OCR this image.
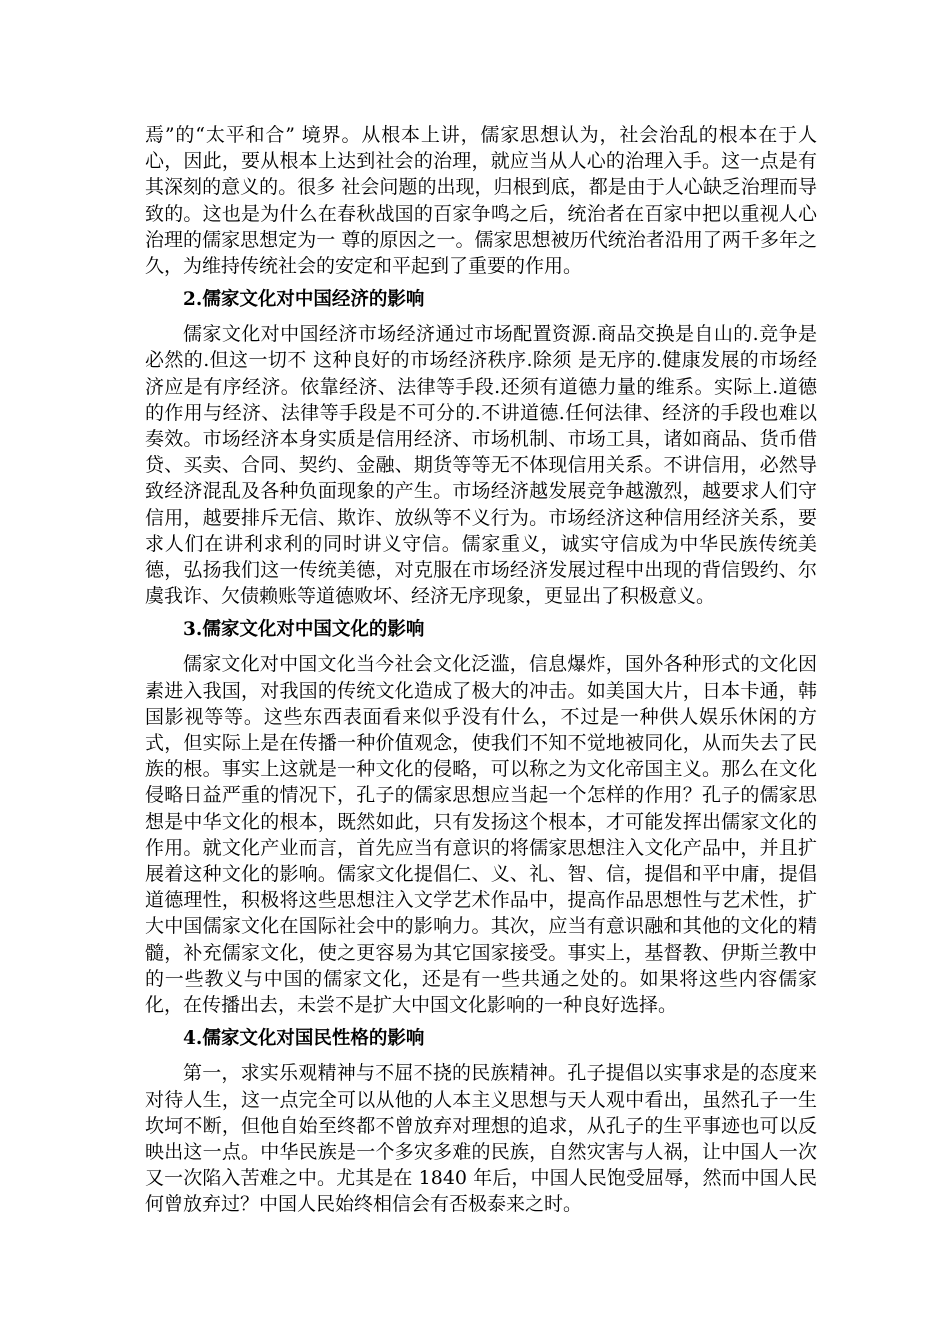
焉”的“太平和合” 境界。从根本上讲，儒家思想认为，社会治乱的根本在于人心，因此，要从根本上达到社会的治理，就应当从人心的治理入手。这一点是有其深刻的意义的。很多 社会问题的出现，归根到底，都是由于人心缺乏治理而导致的。这也是为什么在春秋战国的百家争鸣之后，统治者在百家中把以重视人心治理的儒家思想定为一 尊的原因之一。儒家思想被历代统治者沿用了两千多年之久，为维持传统社会的安定和平起到了重要的作用。

2.儒家文化对中国经济的影响

儒家文化对中国经济市场经济通过市场配置资源.商品交换是自山的.竞争是必然的.但这一切不 这种良好的市场经济秩序.除须 是无序的.健康发展的市场经济应是有序经济。依靠经济、法律等手段.还须有道德力量的维系。实际上.道德的作用与经济、法律等手段是不可分的.不讲道德.任何法律、经济的手段也难以奏效。市场经济本身实质是信用经济、市场机制、市场工具，诸如商品、货币借贷、买卖、合同、契约、金融、期货等等无不体现信用关系。不讲信用，必然导致经济混乱及各种负面现象的产生。市场经济越发展竞争越激烈，越要求人们守信用，越要排斥无信、欺诈、放纵等不义行为。市场经济这种信用经济关系，要求人们在讲利求利的同时讲义守信。儒家重义，诚实守信成为中华民族传统美德，弘扬我们这一传统美德，对克服在市场经济发展过程中出现的背信毁约、尔虞我诈、欠债赖账等道德败坏、经济无序现象，更显出了积极意义。

3.儒家文化对中国文化的影响

儒家文化对中国文化当今社会文化泛滥，信息爆炸，国外各种形式的文化因素进入我国，对我国的传统文化造成了极大的冲击。如美国大片，日本卡通，韩国影视等等。这些东西表面看来似乎没有什么，不过是一种供人娱乐休闲的方式，但实际上是在传播一种价值观念，使我们不知不觉地被同化，从而失去了民族的根。事实上这就是一种文化的侵略，可以称之为文化帝国主义。那么在文化侵略日益严重的情况下，孔子的儒家思想应当起一个怎样的作用？孔子的儒家思想是中华文化的根本，既然如此，只有发扬这个根本，才可能发挥出儒家文化的作用。就文化产业而言，首先应当有意识的将儒家思想注入文化产品中，并且扩展着这种文化的影响。儒家文化提倡仁、义、礼、智、信，提倡和平中庸，提倡道德理性，积极将这些思想注入文学艺术作品中，提高作品思想性与艺术性，扩大中国儒家文化在国际社会中的影响力。其次，应当有意识融和其他的文化的精髓，补充儒家文化，使之更容易为其它国家接受。事实上，基督教、伊斯兰教中的一些教义与中国的儒家文化，还是有一些共通之处的。如果将这些内容儒家化，在传播出去，未尝不是扩大中国文化影响的一种良好选择。

4.儒家文化对国民性格的影响

第一，求实乐观精神与不屈不挠的民族精神。孔子提倡以实事求是的态度来对待人生，这一点完全可以从他的人本主义思想与天人观中看出，虽然孔子一生坎坷不断，但他自始至终都不曾放弃对理想的追求，从孔子的生平事迹也可以反映出这一点。中华民族是一个多灾多难的民族，自然灾害与人祸，让中国人一次又一次陷入苦难之中。尤其是在 1840 年后，中国人民饱受屈辱，然而中国人民何曾放弃过？中国人民始终相信会有否极泰来之时。
